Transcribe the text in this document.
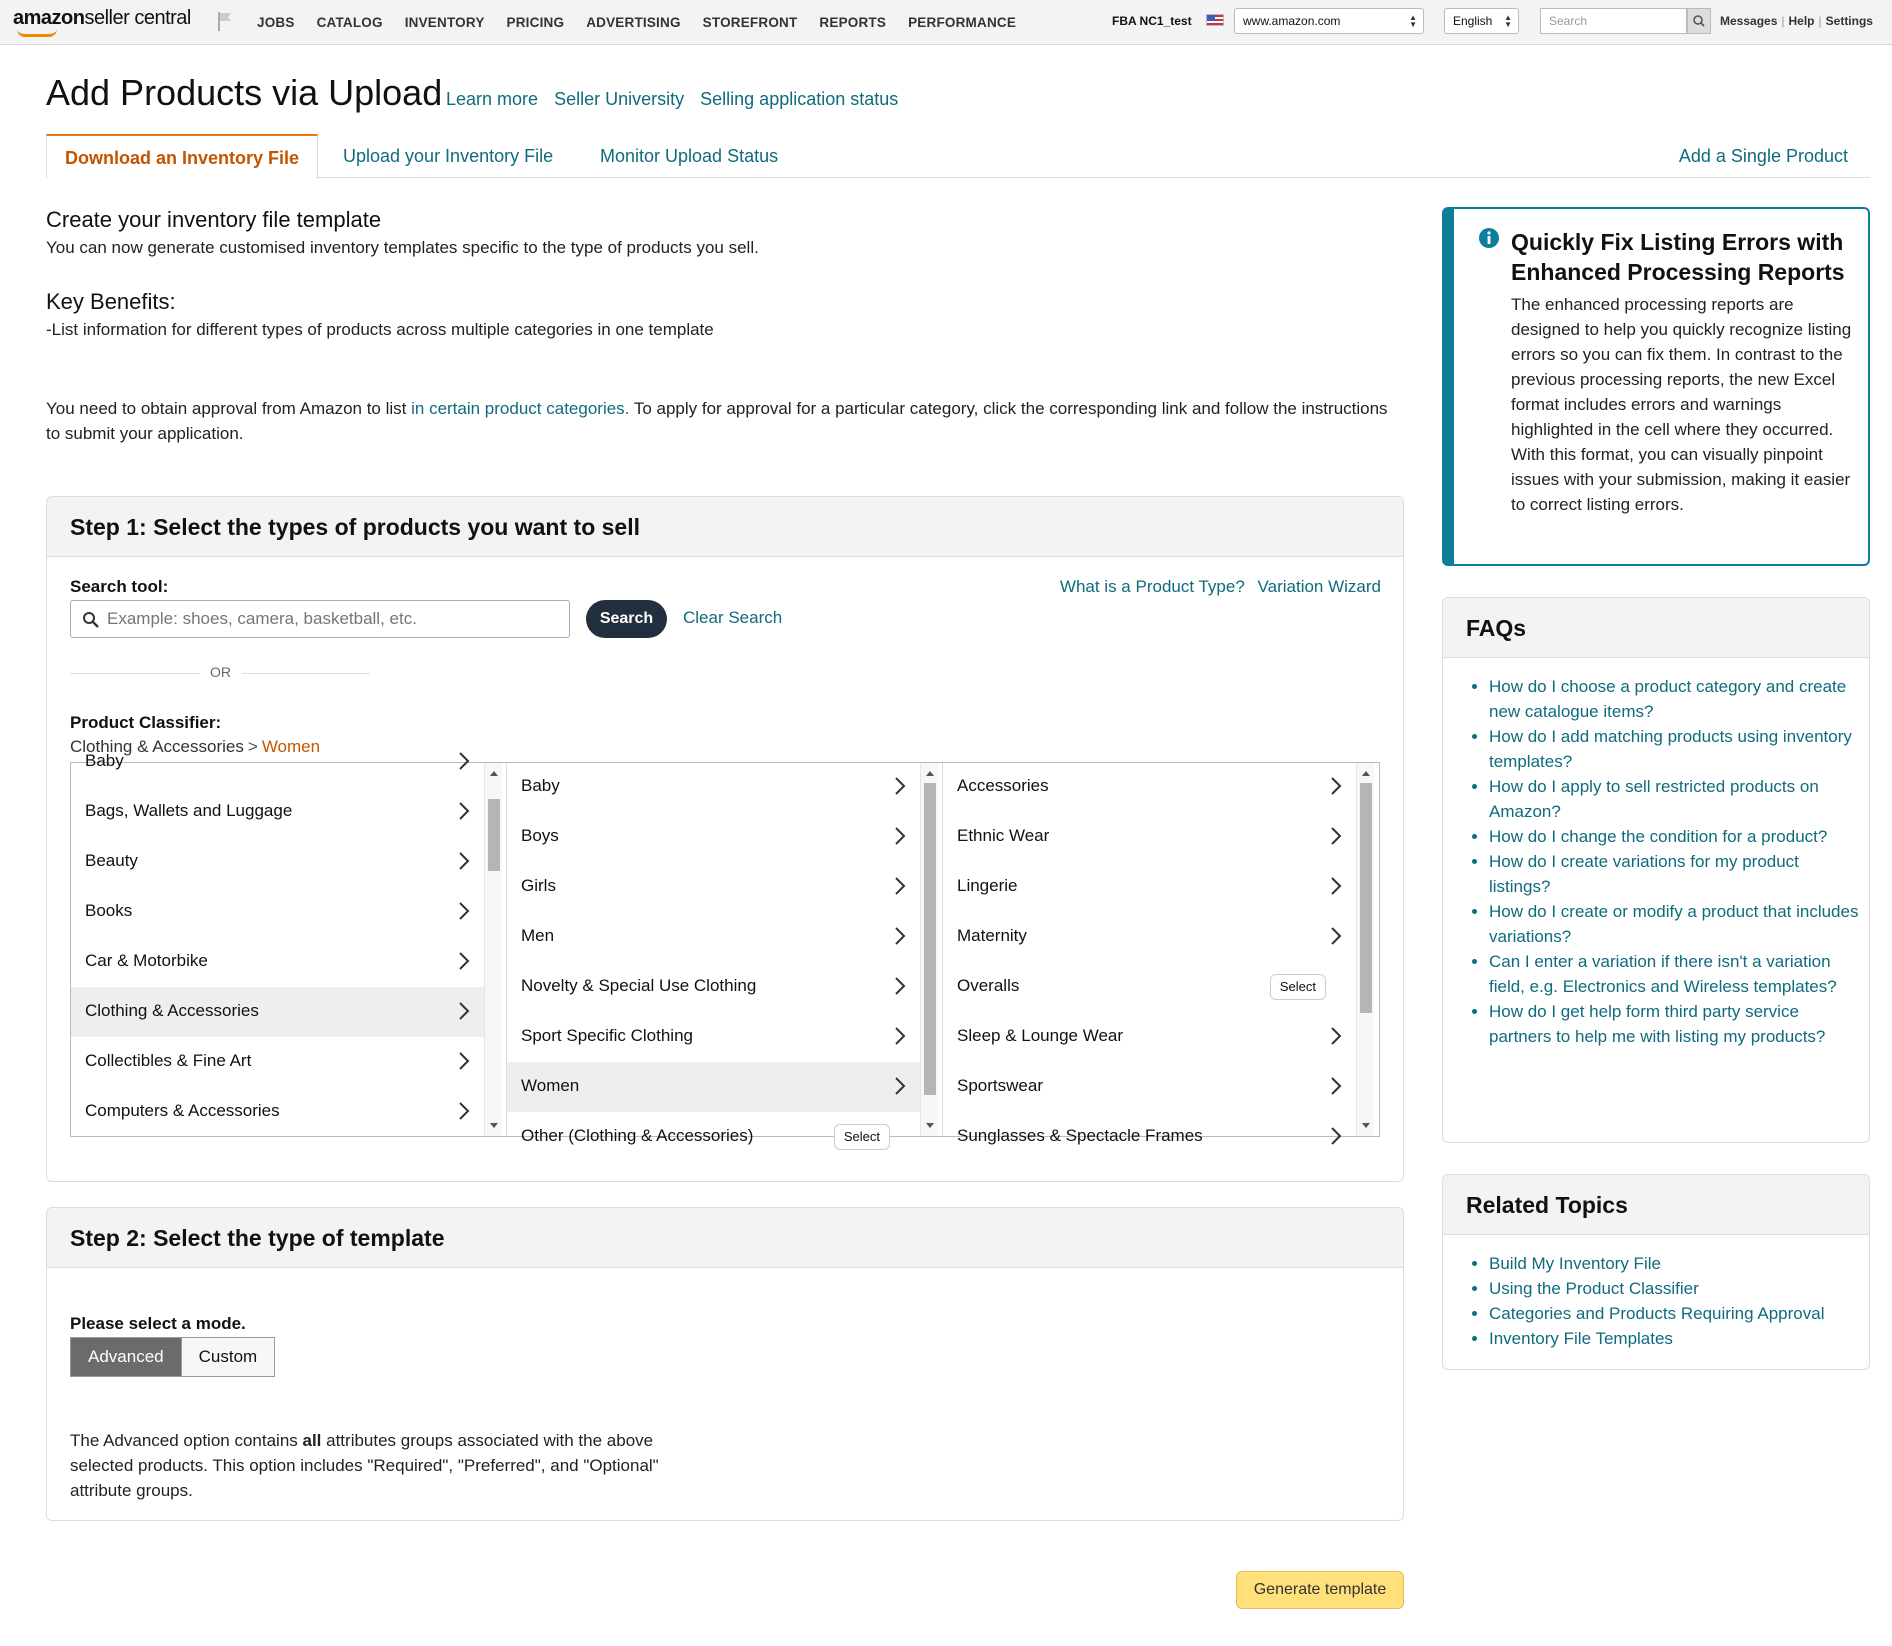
amazonseller central	JOBS CATALOG INVENTORY PRICING ADVERTISING STOREFRONT REPORTS PERFORMANCE	FBA NC1_test	www.amazon.com	▲
▼	English ▲
▼	Search	Messages | Help | Settings
Add Products via Upload Learn more Seller University Selling application status
Download an Inventory File	Upload your Inventory File	Monitor Upload Status	Add a Single Product
Create your inventory file template
You can now generate customised inventory templates specific to the type of products you sell.
Key Benefits:
-List information for different types of products across multiple categories in one template
You need to obtain approval from Amazon to list in certain product categories. To apply for approval for a particular category, click the corresponding link and follow the instructions to submit your application.
Step 1: Select the types of products you want to sell
Search tool:	What is a Product Type? Variation Wizard
Example: shoes, camera, basketball, etc.
Search	Clear Search
OR
Product Classifier:
Clothing & Accessories > Women
Baby
Bags, Wallets and Luggage
Beauty
Books
Car & Motorbike
Clothing & Accessories
Collectibles & Fine Art
Computers & Accessories
Baby
Boys
Girls
Men
Novelty & Special Use Clothing
Sport Specific Clothing
Women
Other (Clothing & Accessories)	Select
Accessories
Ethnic Wear
Lingerie
Maternity
Overalls	Select
Sleep & Lounge Wear
Sportswear
Sunglasses & Spectacle Frames
Step 2: Select the type of template
Please select a mode.
Advanced	Custom
The Advanced option contains all attributes groups associated with the above selected products. This option includes "Required", "Preferred", and "Optional" attribute groups.
Generate template
Quickly Fix Listing Errors with Enhanced Processing Reports
The enhanced processing reports are designed to help you quickly recognize listing errors so you can fix them. In contrast to the previous processing reports, the new Excel format includes errors and warnings highlighted in the cell where they occurred. With this format, you can visually pinpoint issues with your submission, making it easier to correct listing errors.
FAQs
• How do I choose a product category and create new catalogue items?
• How do I add matching products using inventory templates?
• How do I apply to sell restricted products on Amazon?
• How do I change the condition for a product?
• How do I create variations for my product listings?
• How do I create or modify a product that includes variations?
• Can I enter a variation if there isn't a variation field, e.g. Electronics and Wireless templates?
• How do I get help form third party service partners to help me with listing my products?
Related Topics
• Build My Inventory File
• Using the Product Classifier
• Categories and Products Requiring Approval
• Inventory File Templates
